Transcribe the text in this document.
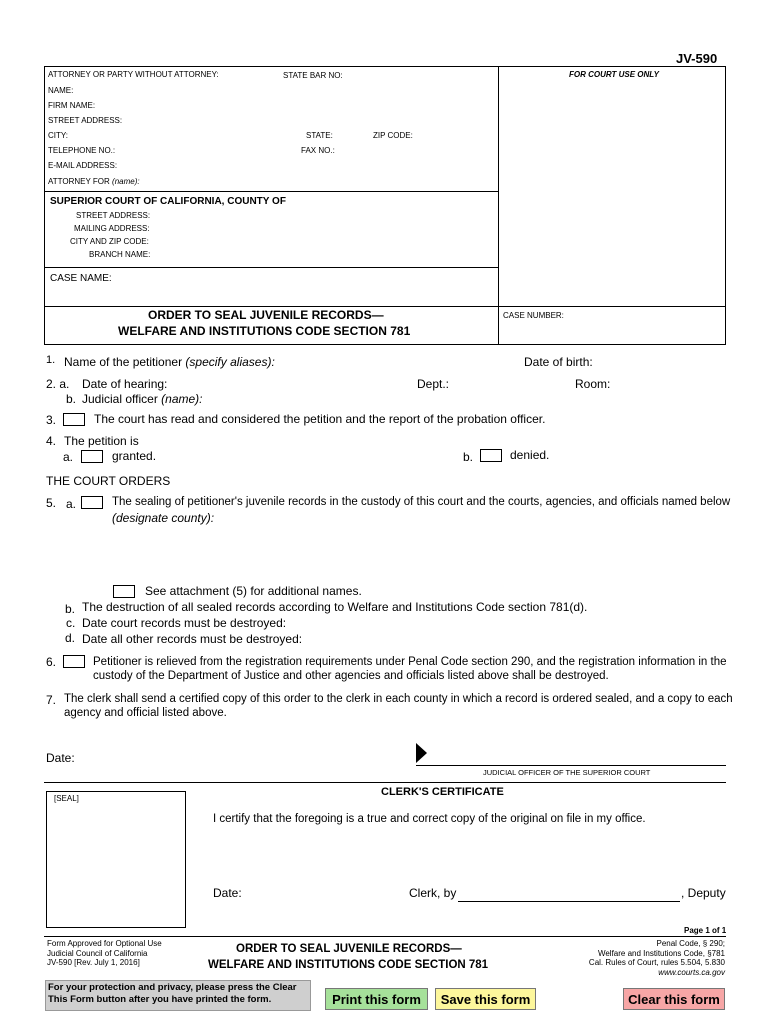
JV-590
ATTORNEY OR PARTY WITHOUT ATTORNEY:	STATE BAR NO:	FOR COURT USE ONLY
NAME:
FIRM NAME:
STREET ADDRESS:
CITY:	STATE:	ZIP CODE:
TELEPHONE NO.:	FAX NO.:
E-MAIL ADDRESS:
ATTORNEY FOR (name):
SUPERIOR COURT OF CALIFORNIA, COUNTY OF
STREET ADDRESS:
MAILING ADDRESS:
CITY AND ZIP CODE:
BRANCH NAME:
CASE NAME:
ORDER TO SEAL JUVENILE RECORDS—
WELFARE AND INSTITUTIONS CODE SECTION 781
CASE NUMBER:
1. Name of the petitioner (specify aliases):	Date of birth:
2. a. Date of hearing:	Dept.:	Room:
b. Judicial officer (name):
3.	The court has read and considered the petition and the report of the probation officer.
4. The petition is
a.	granted.	b.	denied.
THE COURT ORDERS
5. a.	The sealing of petitioner's juvenile records in the custody of this court and the courts, agencies, and officials named below
(designate county):
See attachment (5) for additional names.
b. The destruction of all sealed records according to Welfare and Institutions Code section 781(d).
c. Date court records must be destroyed:
d. Date all other records must be destroyed:
6.	Petitioner is relieved from the registration requirements under Penal Code section 290, and the registration information in the
custody of the Department of Justice and other agencies and officials listed above shall be destroyed.
7. The clerk shall send a certified copy of this order to the clerk in each county in which a record is ordered sealed, and a copy to each
agency and official listed above.
Date:
JUDICIAL OFFICER OF THE SUPERIOR COURT
[SEAL]
CLERK'S CERTIFICATE
I certify that the foregoing is a true and correct copy of the original on file in my office.
Date:	Clerk, by	, Deputy
Page 1 of 1
Form Approved for Optional Use
Judicial Council of California
JV-590 [Rev. July 1, 2016]
ORDER TO SEAL JUVENILE RECORDS—
WELFARE AND INSTITUTIONS CODE SECTION 781
Penal Code, § 290;
Welfare and Institutions Code, §781
Cal. Rules of Court, rules 5.504, 5.830
www.courts.ca.gov
For your protection and privacy, please press the Clear
This Form button after you have printed the form.	Print this form	Save this form	Clear this form
